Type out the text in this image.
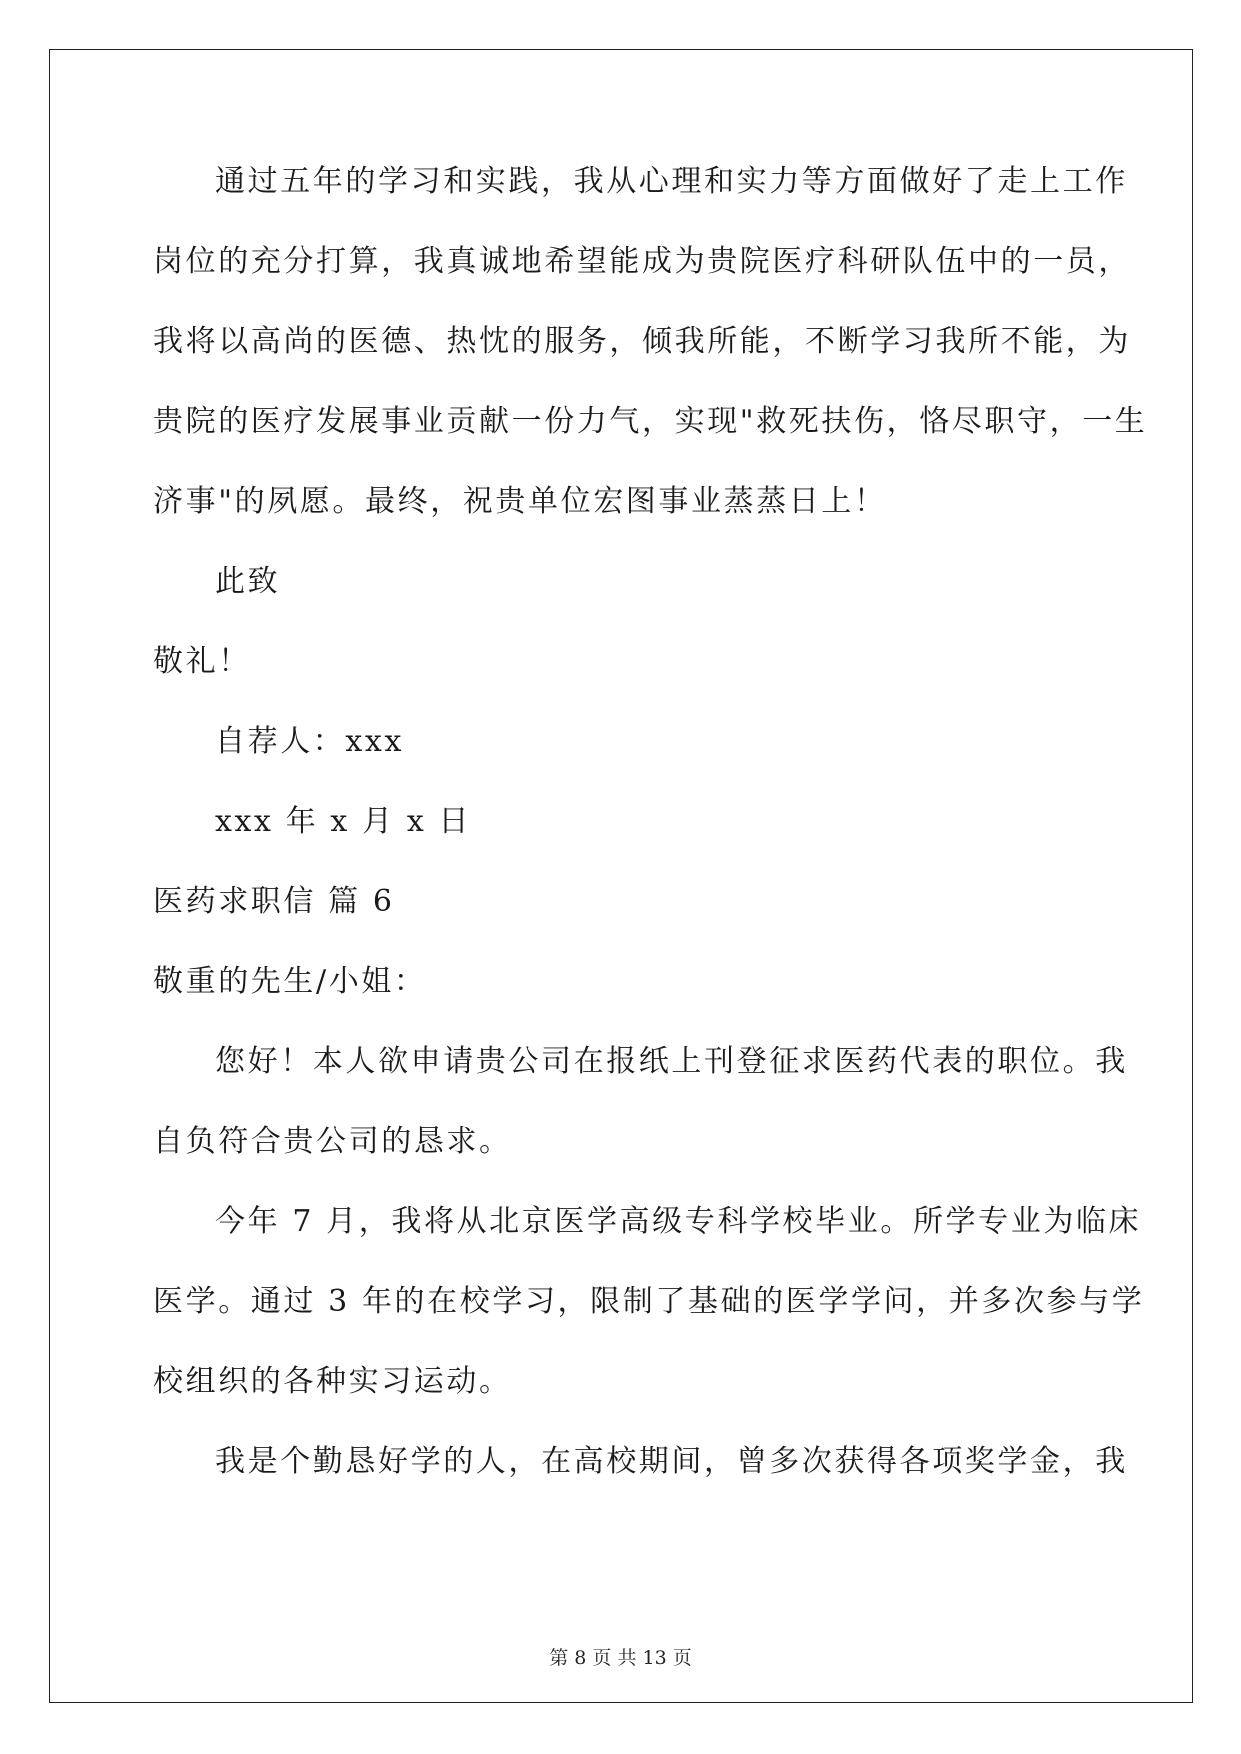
通过五年的学习和实践，我从心理和实力等方面做好了走上工作
岗位的充分打算，我真诚地希望能成为贵院医疗科研队伍中的一员，
我将以高尚的医德、热忱的服务，倾我所能，不断学习我所不能，为
贵院的医疗发展事业贡献一份力气，实现"救死扶伤，恪尽职守，一生
济事"的夙愿。最终，祝贵单位宏图事业蒸蒸日上！
此致
敬礼！
自荐人：xxx
xxx 年 x 月 x 日
医药求职信 篇 6
敬重的先生/小姐：
您好！本人欲申请贵公司在报纸上刊登征求医药代表的职位。我
自负符合贵公司的恳求。
今年 7 月，我将从北京医学高级专科学校毕业。所学专业为临床
医学。通过 3 年的在校学习，限制了基础的医学学问，并多次参与学
校组织的各种实习运动。
我是个勤恳好学的人，在高校期间，曾多次获得各项奖学金，我
第 8 页 共 13 页
